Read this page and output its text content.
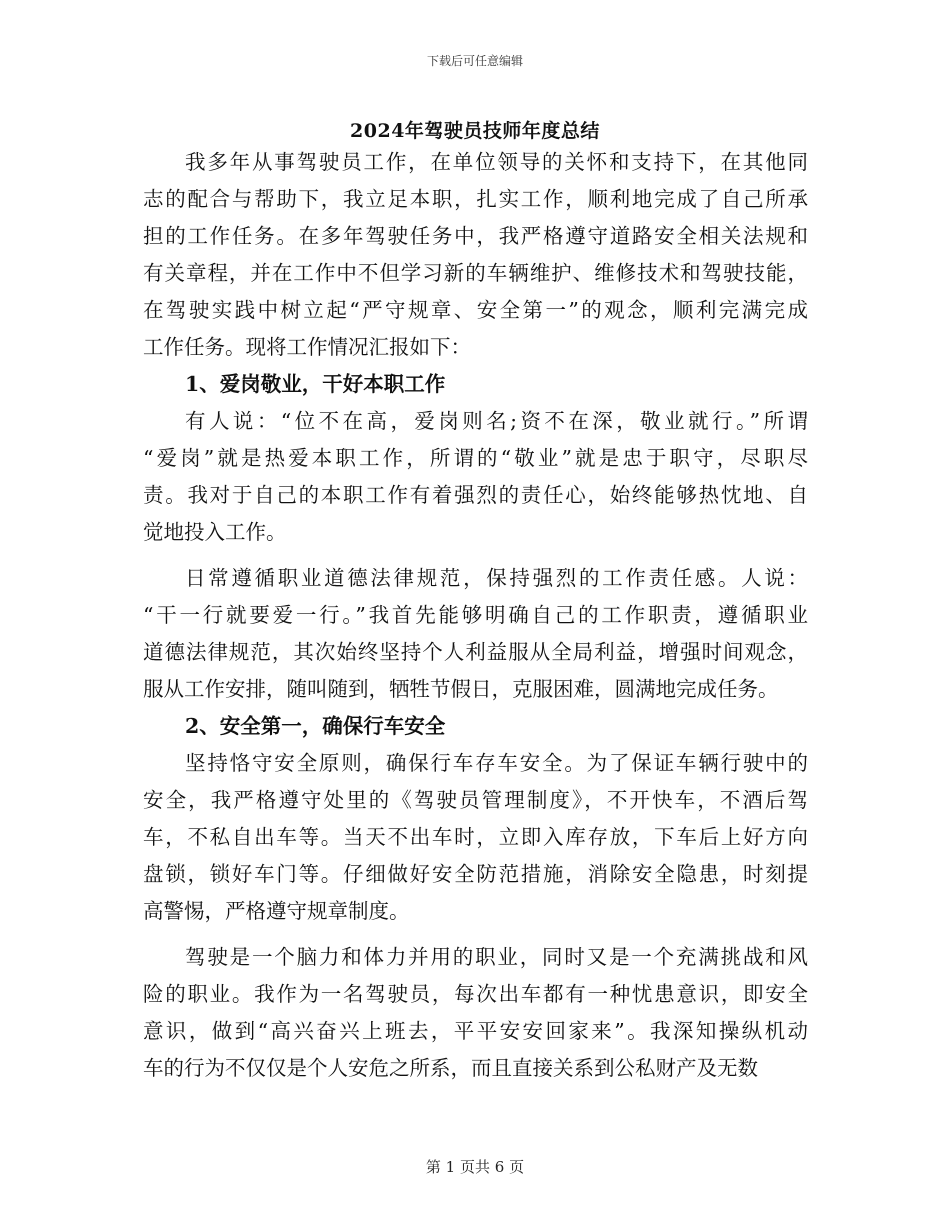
下载后可任意编辑
2024年驾驶员技师年度总结
我多年从事驾驶员工作，在单位领导的关怀和支持下，在其他同
志的配合与帮助下，我立足本职，扎实工作，顺利地完成了自己所承
担的工作任务。在多年驾驶任务中，我严格遵守道路安全相关法规和
有关章程，并在工作中不但学习新的车辆维护、维修技术和驾驶技能，
在驾驶实践中树立起“严守规章、安全第一”的观念，顺利完满完成
工作任务。现将工作情况汇报如下：
1、爱岗敬业，干好本职工作
有人说：“位不在高，爱岗则名;资不在深，敬业就行。”所谓
“爱岗”就是热爱本职工作，所谓的“敬业”就是忠于职守，尽职尽
责。我对于自己的本职工作有着强烈的责任心，始终能够热忱地、自
觉地投入工作。
日常遵循职业道德法律规范，保持强烈的工作责任感。人说：
“干一行就要爱一行。”我首先能够明确自己的工作职责，遵循职业
道德法律规范，其次始终坚持个人利益服从全局利益，增强时间观念，
服从工作安排，随叫随到，牺牲节假日，克服困难，圆满地完成任务。
2、安全第一，确保行车安全
坚持恪守安全原则，确保行车存车安全。为了保证车辆行驶中的
安全，我严格遵守处里的《驾驶员管理制度》，不开快车，不酒后驾
车，不私自出车等。当天不出车时，立即入库存放，下车后上好方向
盘锁，锁好车门等。仔细做好安全防范措施，消除安全隐患，时刻提
高警惕，严格遵守规章制度。
驾驶是一个脑力和体力并用的职业，同时又是一个充满挑战和风
险的职业。我作为一名驾驶员，每次出车都有一种忧患意识，即安全
意识，做到“高兴奋兴上班去，平平安安回家来”。我深知操纵机动
车的行为不仅仅是个人安危之所系，而且直接关系到公私财产及无数
第 1 页共 6 页
